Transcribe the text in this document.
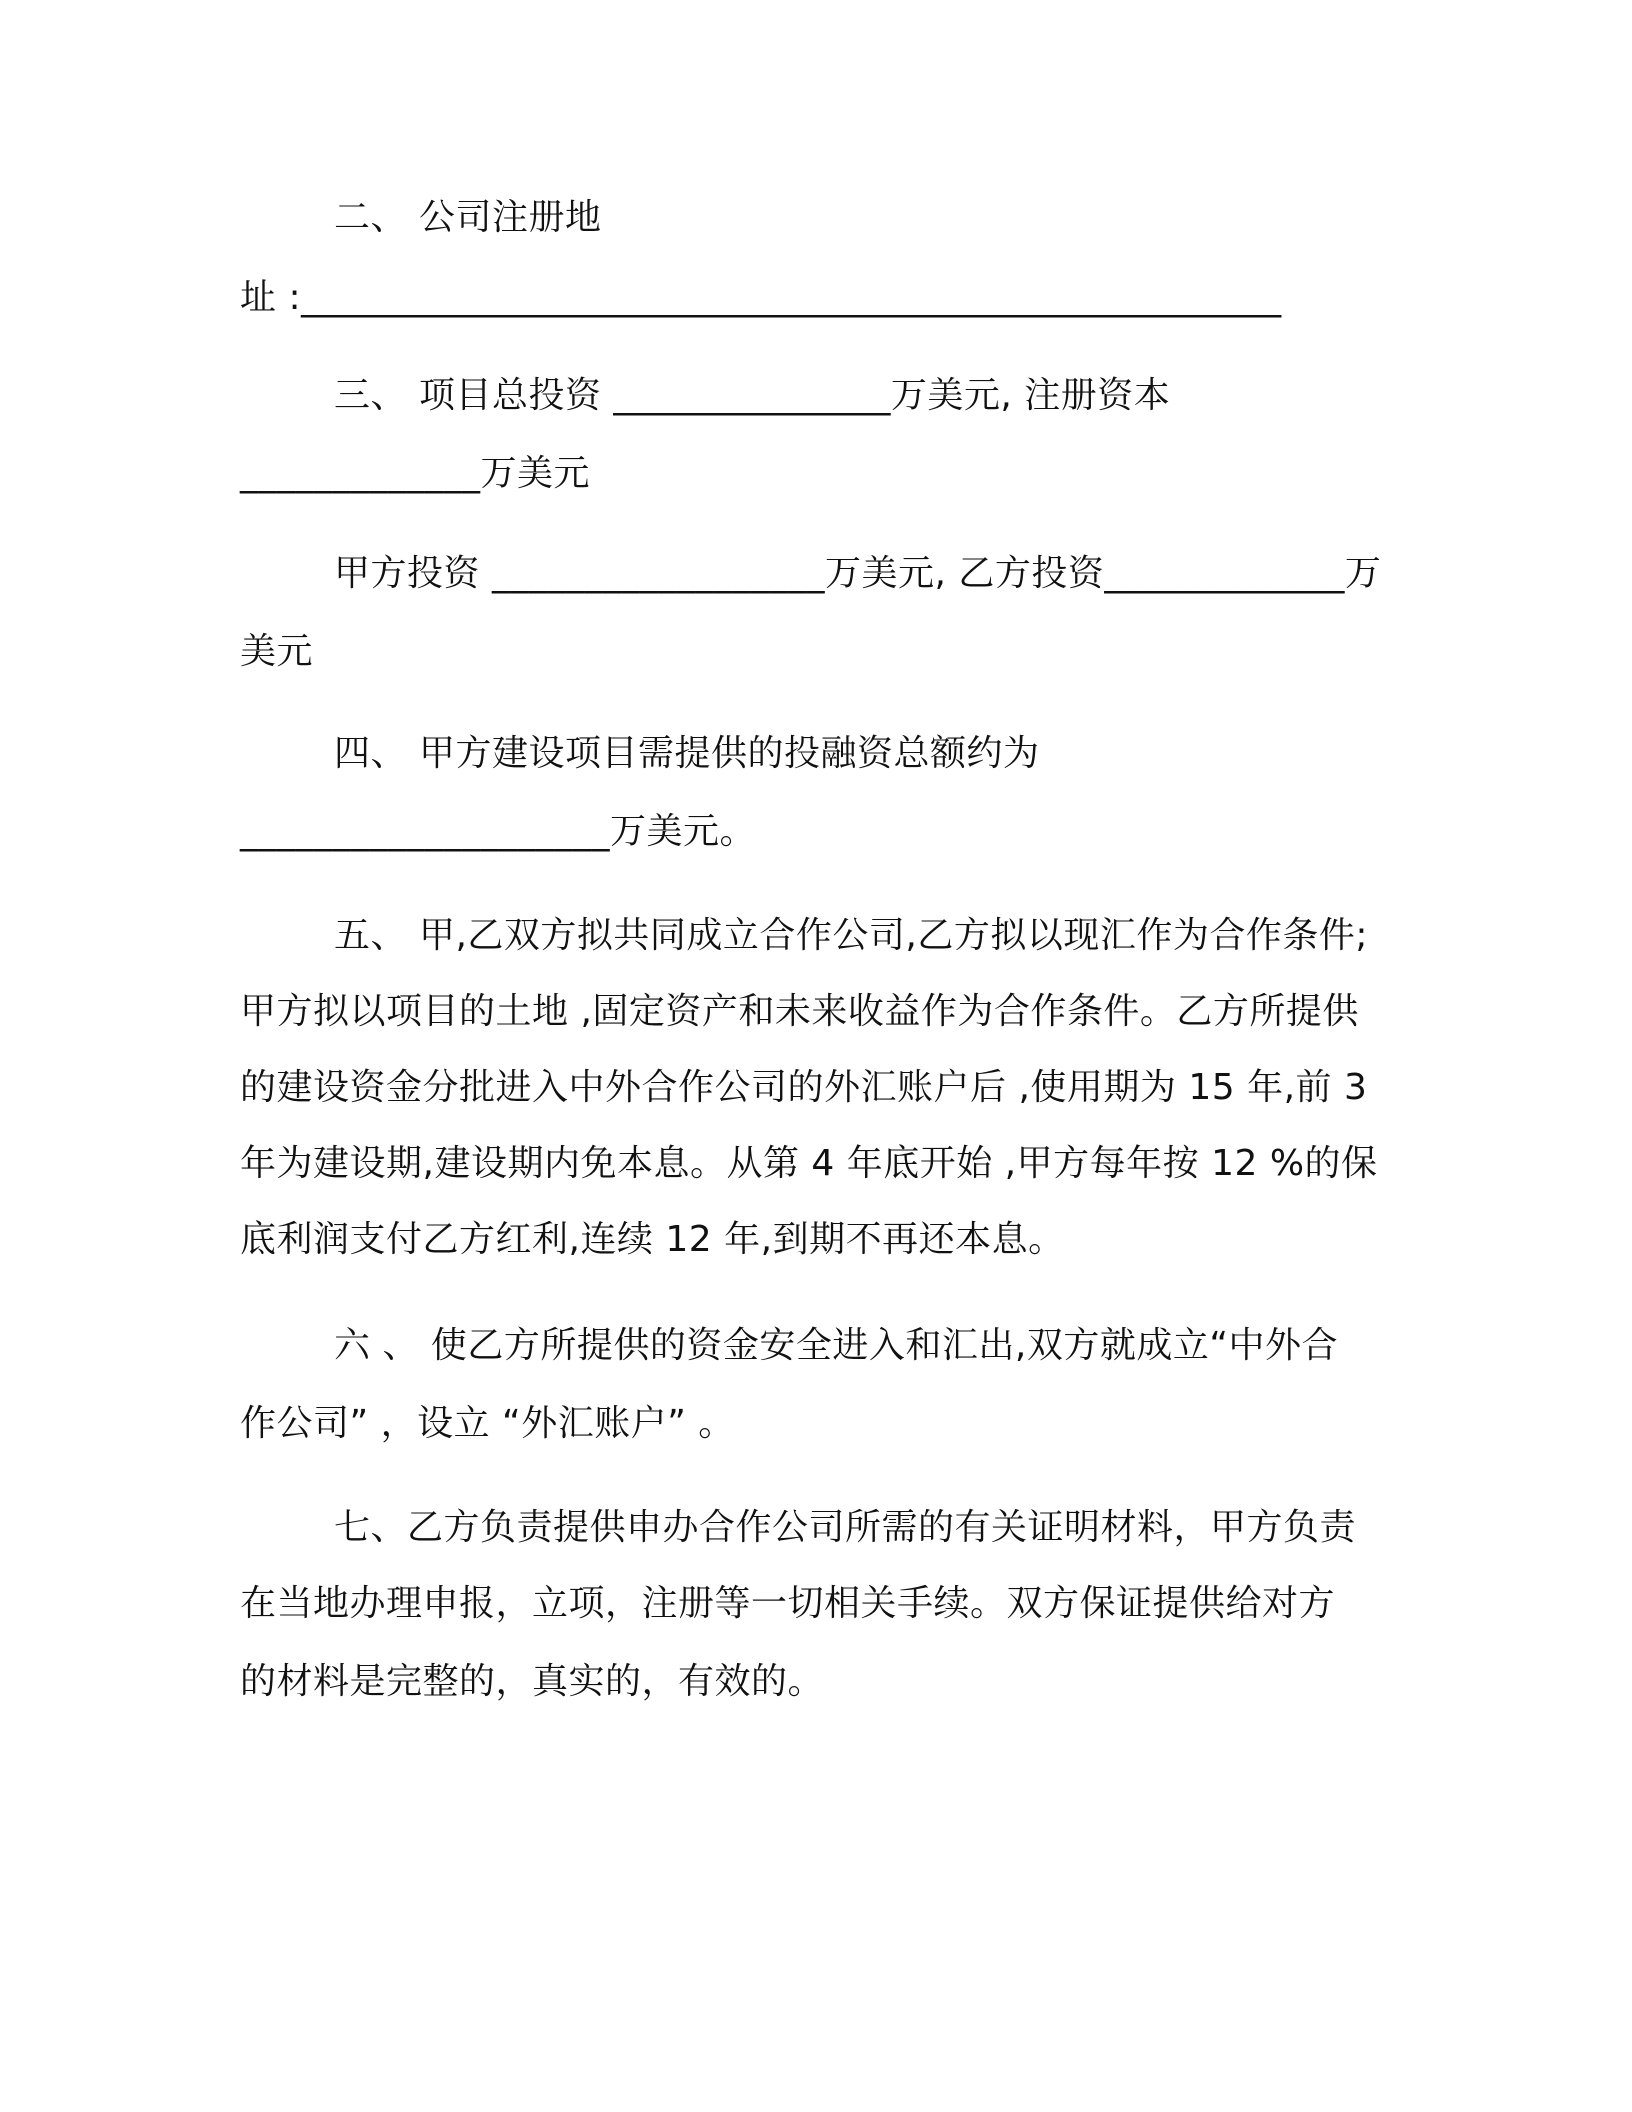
二、 公司注册地
址 :_____________________________________________________
三、 项目总投资 _______________万美元, 注册资本
_____________万美元
甲方投资 __________________万美元, 乙方投资_____________万
美元
四、 甲方建设项目需提供的投融资总额约为
____________________万美元。
五、 甲,乙双方拟共同成立合作公司,乙方拟以现汇作为合作条件;
甲方拟以项目的土地 ,固定资产和未来收益作为合作条件。乙方所提供
的建设资金分批进入中外合作公司的外汇账户后 ,使用期为 15 年,前 3
年为建设期,建设期内免本息。从第 4 年底开始 ,甲方每年按 12 %的保
底利润支付乙方红利,连续 12 年,到期不再还本息。
六 、 使乙方所提供的资金安全进入和汇出,双方就成立“中外合
作公司” ，设立 “外汇账户” 。
七、乙方负责提供申办合作公司所需的有关证明材料，甲方负责
在当地办理申报，立项，注册等一切相关手续。双方保证提供给对方
的材料是完整的，真实的，有效的。
